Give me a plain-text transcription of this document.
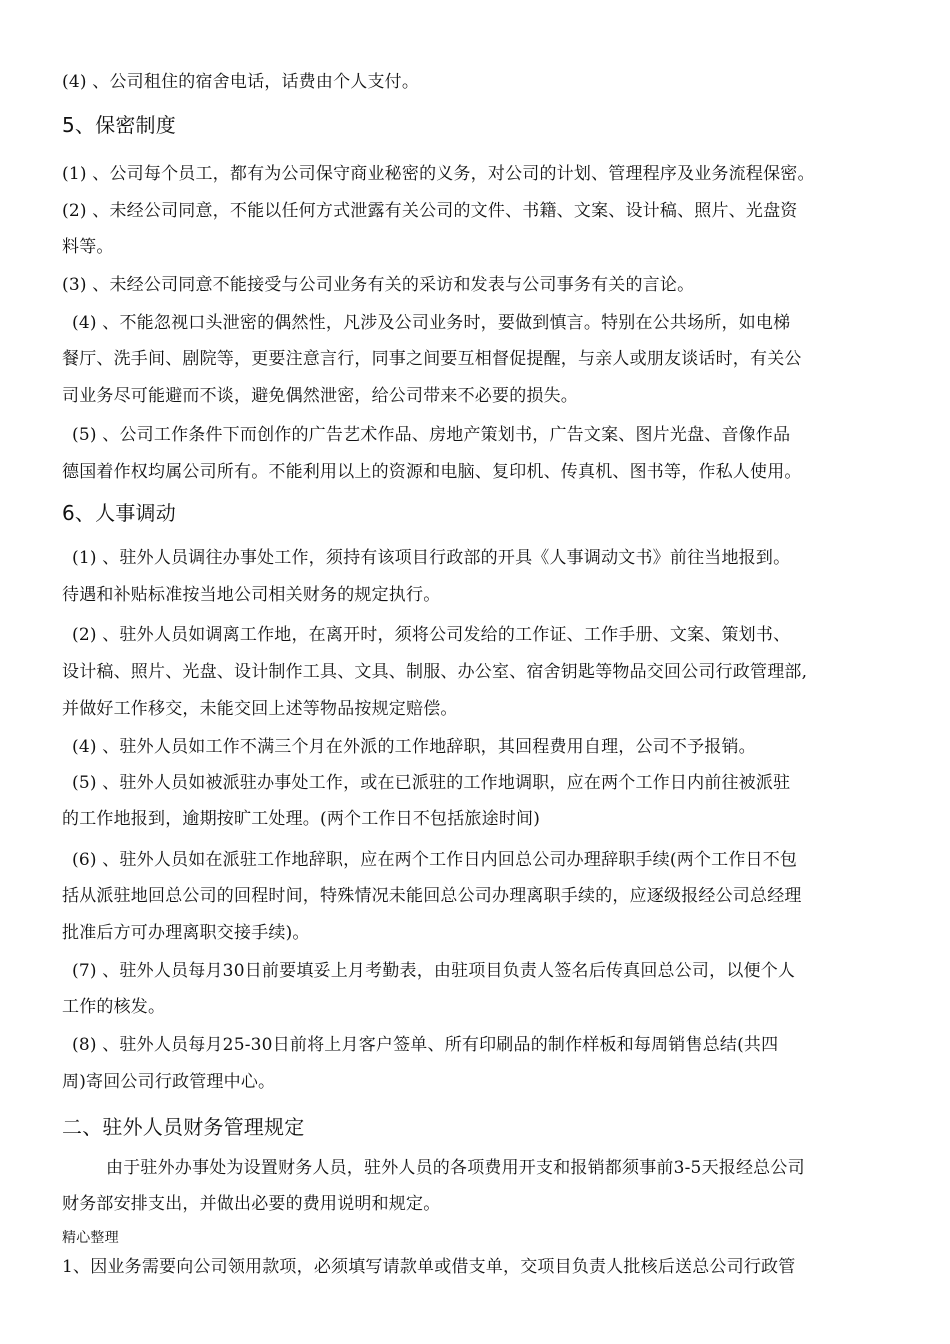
(4) 、公司租住的宿舍电话，话费由个人支付。
5、保密制度
(1) 、公司每个员工，都有为公司保守商业秘密的义务，对公司的计划、管理程序及业务流程保密。
(2) 、未经公司同意，不能以任何方式泄露有关公司的文件、书籍、文案、设计稿、照片、光盘资
料等。
(3) 、未经公司同意不能接受与公司业务有关的采访和发表与公司事务有关的言论。
(4) 、不能忽视口头泄密的偶然性，凡涉及公司业务时，要做到慎言。特别在公共场所，如电梯
餐厅、洗手间、剧院等，更要注意言行，同事之间要互相督促提醒，与亲人或朋友谈话时，有关公
司业务尽可能避而不谈，避免偶然泄密，给公司带来不必要的损失。
(5) 、公司工作条件下而创作的广告艺术作品、房地产策划书，广告文案、图片光盘、音像作品
德国着作权均属公司所有。不能利用以上的资源和电脑、复印机、传真机、图书等，作私人使用。
6、人事调动
(1) 、驻外人员调往办事处工作，须持有该项目行政部的开具《人事调动文书》前往当地报到。
待遇和补贴标准按当地公司相关财务的规定执行。
(2) 、驻外人员如调离工作地，在离开时，须将公司发给的工作证、工作手册、文案、策划书、
设计稿、照片、光盘、设计制作工具、文具、制服、办公室、宿舍钥匙等物品交回公司行政管理部,
并做好工作移交，未能交回上述等物品按规定赔偿。
(4) 、驻外人员如工作不满三个月在外派的工作地辞职，其回程费用自理，公司不予报销。
(5) 、驻外人员如被派驻办事处工作，或在已派驻的工作地调职，应在两个工作日内前往被派驻
的工作地报到，逾期按旷工处理。(两个工作日不包括旅途时间)
(6) 、驻外人员如在派驻工作地辞职，应在两个工作日内回总公司办理辞职手续(两个工作日不包
括从派驻地回总公司的回程时间，特殊情况未能回总公司办理离职手续的，应逐级报经公司总经理
批准后方可办理离职交接手续)。
(7) 、驻外人员每月30日前要填妥上月考勤表，由驻项目负责人签名后传真回总公司，以便个人
工作的核发。
(8) 、驻外人员每月25-30日前将上月客户签单、所有印刷品的制作样板和每周销售总结(共四
周)寄回公司行政管理中心。
二、驻外人员财务管理规定
由于驻外办事处为设置财务人员，驻外人员的各项费用开支和报销都须事前3-5天报经总公司
财务部安排支出，并做出必要的费用说明和规定。
精心整理
1、因业务需要向公司领用款项，必须填写请款单或借支单，交项目负责人批核后送总公司行政管
